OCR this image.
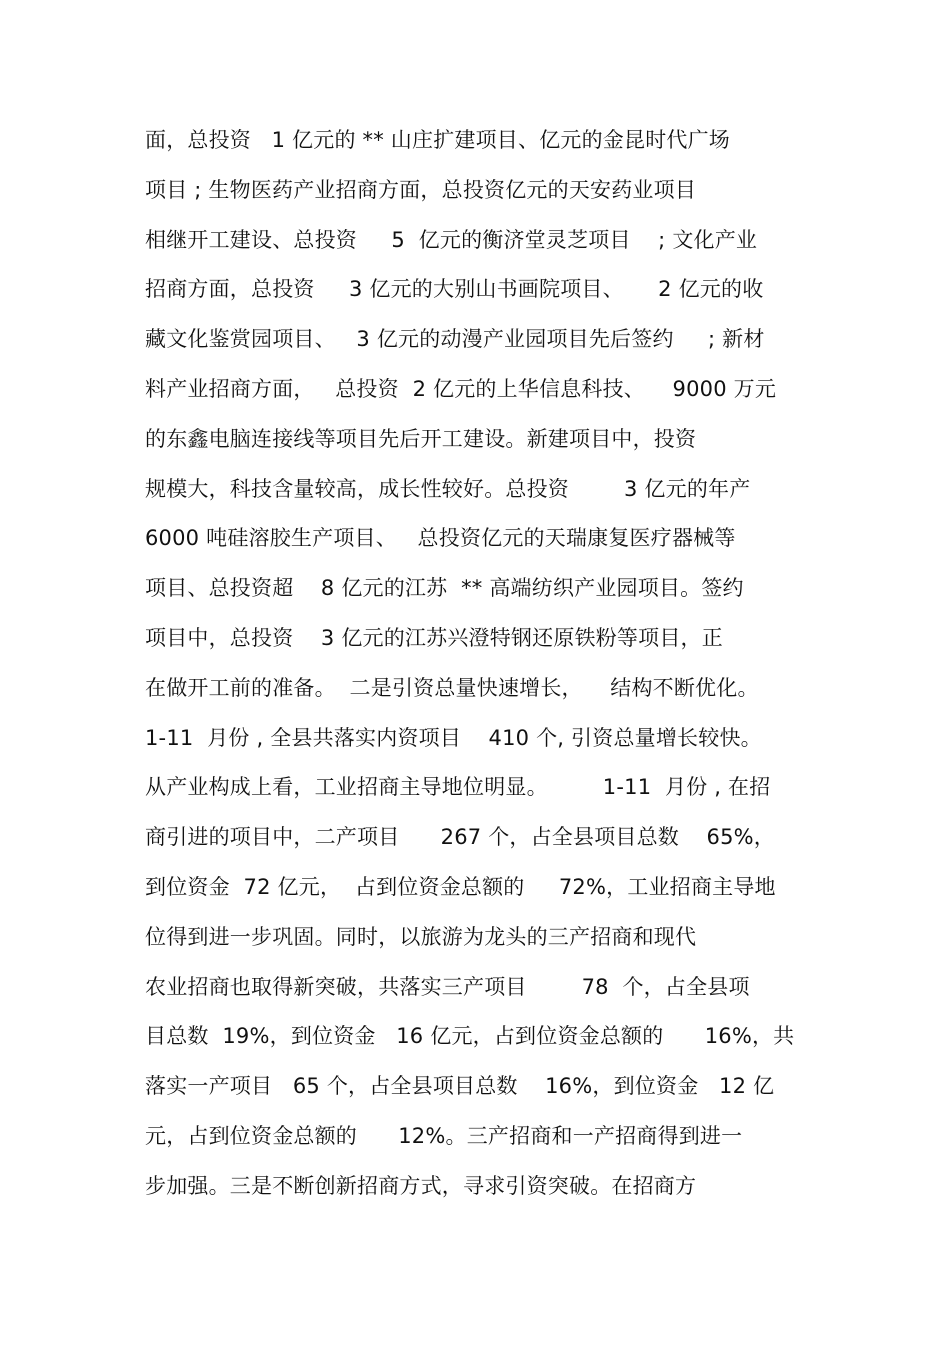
面，总投资   1 亿元的 ** 山庄扩建项目、亿元的金昆时代广场
项目 ; 生物医药产业招商方面，总投资亿元的天安药业项目
相继开工建设、总投资     5  亿元的衡济堂灵芝项目    ; 文化产业
招商方面，总投资     3 亿元的大别山书画院项目、     2 亿元的收
藏文化鉴赏园项目、   3 亿元的动漫产业园项目先后签约     ; 新材
料产业招商方面，   总投资  2 亿元的上华信息科技、    9000 万元
的东鑫电脑连接线等项目先后开工建设。新建项目中，投资
规模大，科技含量较高，成长性较好。总投资        3 亿元的年产
6000 吨硅溶胶生产项目、   总投资亿元的天瑞康复医疗器械等
项目、总投资超    8 亿元的江苏  ** 高端纺织产业园项目。签约
项目中，总投资    3 亿元的江苏兴澄特钢还原铁粉等项目，正
在做开工前的准备。  二是引资总量快速增长，    结构不断优化。
1-11  月份 , 全县共落实内资项目    410 个, 引资总量增长较快。
从产业构成上看，工业招商主导地位明显。        1-11  月份 , 在招
商引进的项目中，二产项目      267 个，占全县项目总数    65%，
到位资金  72 亿元，  占到位资金总额的     72%，工业招商主导地
位得到进一步巩固。同时，以旅游为龙头的三产招商和现代
农业招商也取得新突破，共落实三产项目        78  个，占全县项
目总数  19%，到位资金   16 亿元，占到位资金总额的      16%，共
落实一产项目   65 个，占全县项目总数    16%，到位资金   12 亿
元，占到位资金总额的      12%。三产招商和一产招商得到进一
步加强。三是不断创新招商方式，寻求引资突破。在招商方
